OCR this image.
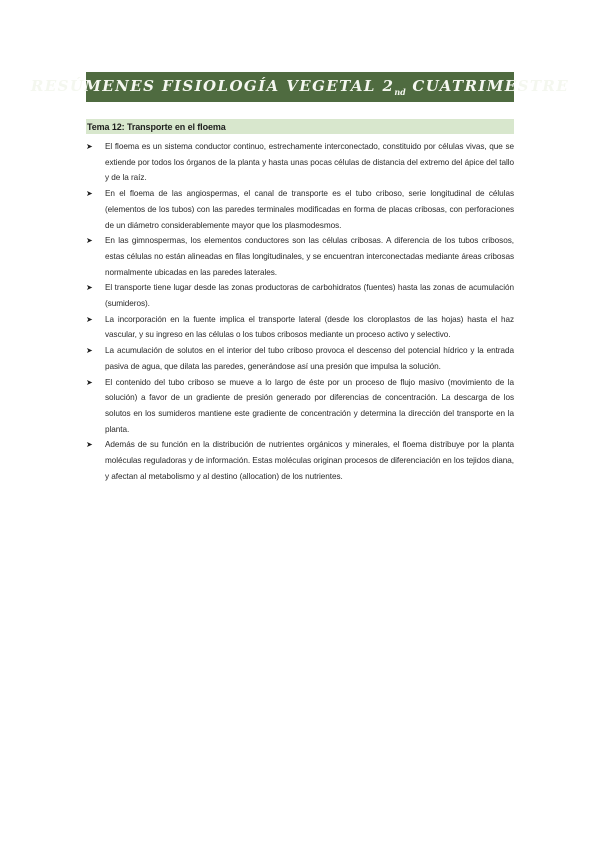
RESÚMENES FISIOLOGÍA VEGETAL $2_{nd}$ CUATRIMESTRE
Tema 12: Transporte en el floema
➤	El floema es un sistema conductor continuo, estrechamente interconectado, constituido por células vivas, que se extiende por todos los órganos de la planta y hasta unas pocas células de distancia del extremo del ápice del tallo y de la raíz.
➤	En el floema de las angiospermas, el canal de transporte es el tubo criboso, serie longitudinal de células (elementos de los tubos) con las paredes terminales modificadas en forma de placas cribosas, con perforaciones de un diámetro considerablemente mayor que los plasmodesmos.
➤	En las gimnospermas, los elementos conductores son las células cribosas. A diferencia de los tubos cribosos, estas células no están alineadas en filas longitudinales, y se encuentran interconectadas mediante áreas cribosas normalmente ubicadas en las paredes laterales.
➤	El transporte tiene lugar desde las zonas productoras de carbohidratos (fuentes) hasta las zonas de acumulación (sumideros).
➤	La incorporación en la fuente implica el transporte lateral (desde los cloroplastos de las hojas) hasta el haz vascular, y su ingreso en las células o los tubos cribosos mediante un proceso activo y selectivo.
➤	La acumulación de solutos en el interior del tubo criboso provoca el descenso del potencial hídrico y la entrada pasiva de agua, que dilata las paredes, generándose así una presión que impulsa la solución.
➤	El contenido del tubo criboso se mueve a lo largo de éste por un proceso de flujo masivo (movimiento de la solución) a favor de un gradiente de presión generado por diferencias de concentración. La descarga de los solutos en los sumideros mantiene este gradiente de concentración y determina la dirección del transporte en la planta.
➤	Además de su función en la distribución de nutrientes orgánicos y minerales, el floema distribuye por la planta moléculas reguladoras y de información. Estas moléculas originan procesos de diferenciación en los tejidos diana, y afectan al metabolismo y al destino (allocation) de los nutrientes.
